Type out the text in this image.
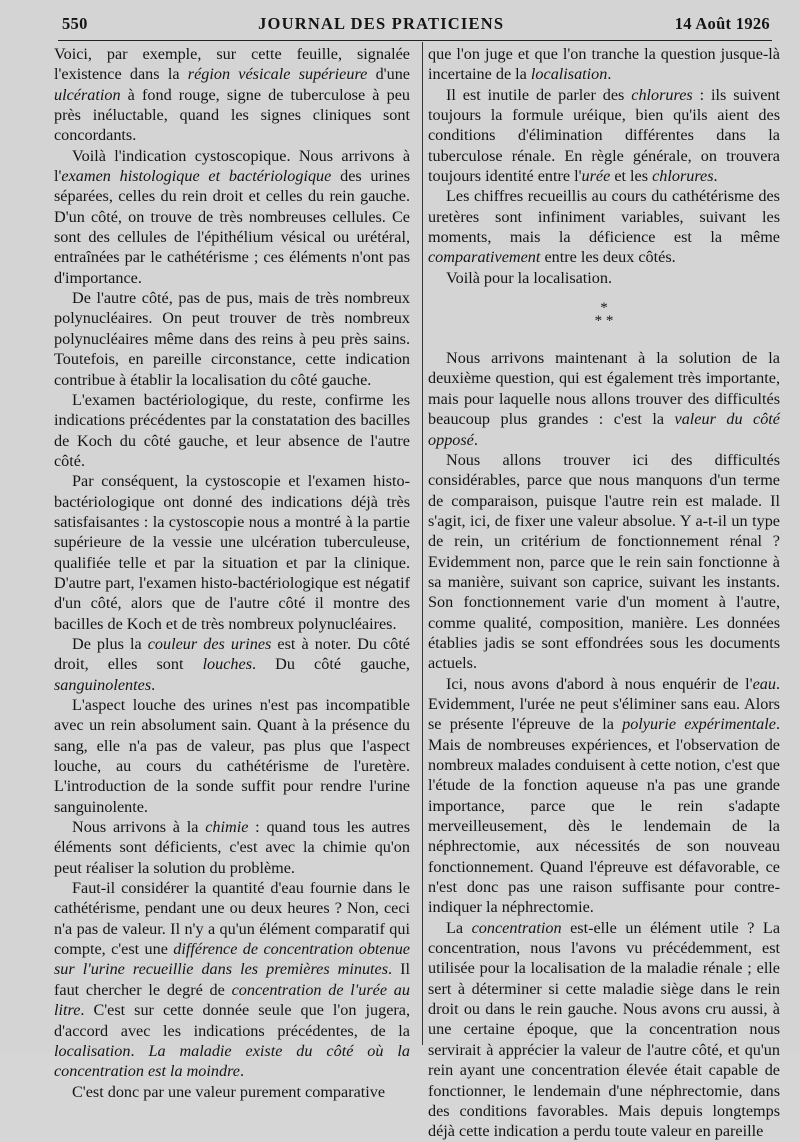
550	JOURNAL DES PRATICIENS	14 Août 1926

Voici, par exemple, sur cette feuille, signalée l'existence dans la région vésicale supérieure d'une ulcération à fond rouge, signe de tuberculose à peu près inéluctable, quand les signes cliniques sont concordants.

Voilà l'indication cystoscopique. Nous arrivons à l'examen histologique et bactériologique des urines séparées, celles du rein droit et celles du rein gauche. D'un côté, on trouve de très nombreuses cellules. Ce sont des cellules de l'épithélium vésical ou urétéral, entraînées par le cathétérisme ; ces éléments n'ont pas d'importance.

De l'autre côté, pas de pus, mais de très nombreux polynucléaires. On peut trouver de très nombreux polynucléaires même dans des reins à peu près sains. Toutefois, en pareille circonstance, cette indication contribue à établir la localisation du côté gauche.

L'examen bactériologique, du reste, confirme les indications précédentes par la constatation des bacilles de Koch du côté gauche, et leur absence de l'autre côté.

Par conséquent, la cystoscopie et l'examen histo-bactériologique ont donné des indications déjà très satisfaisantes : la cystoscopie nous a montré à la partie supérieure de la vessie une ulcération tuberculeuse, qualifiée telle et par la situation et par la clinique. D'autre part, l'examen histo-bactériologique est négatif d'un côté, alors que de l'autre côté il montre des bacilles de Koch et de très nombreux polynucléaires.

De plus la couleur des urines est à noter. Du côté droit, elles sont louches. Du côté gauche, sanguinolentes.

L'aspect louche des urines n'est pas incompatible avec un rein absolument sain. Quant à la présence du sang, elle n'a pas de valeur, pas plus que l'aspect louche, au cours du cathétérisme de l'uretère. L'introduction de la sonde suffit pour rendre l'urine sanguinolente.

Nous arrivons à la chimie : quand tous les autres éléments sont déficients, c'est avec la chimie qu'on peut réaliser la solution du problème.

Faut-il considérer la quantité d'eau fournie dans le cathétérisme, pendant une ou deux heures ? Non, ceci n'a pas de valeur. Il n'y a qu'un élément comparatif qui compte, c'est une différence de concentration obtenue sur l'urine recueillie dans les premières minutes. Il faut chercher le degré de concentration de l'urée au litre. C'est sur cette donnée seule que l'on jugera, d'accord avec les indications précédentes, de la localisation. La maladie existe du côté où la concentration est la moindre.

C'est donc par une valeur purement comparative

que l'on juge et que l'on tranche la question jusque-là incertaine de la localisation.

Il est inutile de parler des chlorures : ils suivent toujours la formule uréique, bien qu'ils aient des conditions d'élimination différentes dans la tuberculose rénale. En règle générale, on trouvera toujours identité entre l'urée et les chlorures.

Les chiffres recueillis au cours du cathétérisme des uretères sont infiniment variables, suivant les moments, mais la déficience est la même comparativement entre les deux côtés.

Voilà pour la localisation.

*
* *

Nous arrivons maintenant à la solution de la deuxième question, qui est également très importante, mais pour laquelle nous allons trouver des difficultés beaucoup plus grandes : c'est la valeur du côté opposé.

Nous allons trouver ici des difficultés considérables, parce que nous manquons d'un terme de comparaison, puisque l'autre rein est malade. Il s'agit, ici, de fixer une valeur absolue. Y a-t-il un type de rein, un critérium de fonctionnement rénal ? Evidemment non, parce que le rein sain fonctionne à sa manière, suivant son caprice, suivant les instants. Son fonctionnement varie d'un moment à l'autre, comme qualité, composition, manière. Les données établies jadis se sont effondrées sous les documents actuels.

Ici, nous avons d'abord à nous enquérir de l'eau. Evidemment, l'urée ne peut s'éliminer sans eau. Alors se présente l'épreuve de la polyurie expérimentale. Mais de nombreuses expériences, et l'observation de nombreux malades conduisent à cette notion, c'est que l'étude de la fonction aqueuse n'a pas une grande importance, parce que le rein s'adapte merveilleusement, dès le lendemain de la néphrectomie, aux nécessités de son nouveau fonctionnement. Quand l'épreuve est défavorable, ce n'est donc pas une raison suffisante pour contre-indiquer la néphrectomie.

La concentration est-elle un élément utile ? La concentration, nous l'avons vu précédemment, est utilisée pour la localisation de la maladie rénale ; elle sert à déterminer si cette maladie siège dans le rein droit ou dans le rein gauche. Nous avons cru aussi, à une certaine époque, que la concentration nous servirait à apprécier la valeur de l'autre côté, et qu'un rein ayant une concentration élevée était capable de fonctionner, le lendemain d'une néphrectomie, dans des conditions favorables. Mais depuis longtemps déjà cette indication a perdu toute valeur en pareille
